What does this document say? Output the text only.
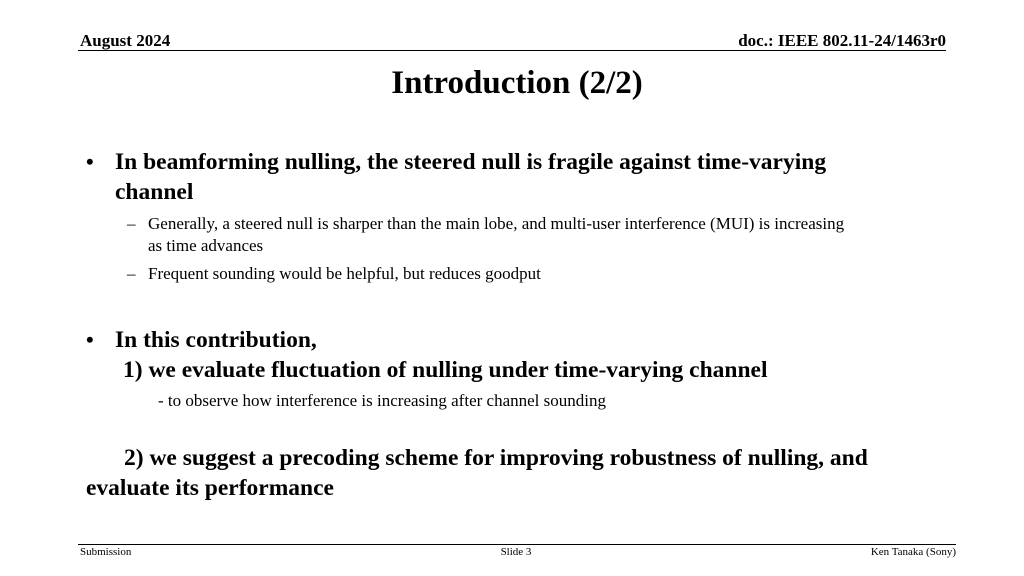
August 2024	doc.: IEEE 802.11-24/1463r0
Introduction (2/2)
• In beamforming nulling, the steered null is fragile against time-varying
channel
– Generally, a steered null is sharper than the main lobe, and multi-user interference (MUI) is increasing
as time advances
– Frequent sounding would be helpful, but reduces goodput
• In this contribution,
1) we evaluate fluctuation of nulling under time-varying channel
- to observe how interference is increasing after channel sounding
2) we suggest a precoding scheme for improving robustness of nulling, and
evaluate its performance
Submission	Slide 3	Ken Tanaka (Sony)
